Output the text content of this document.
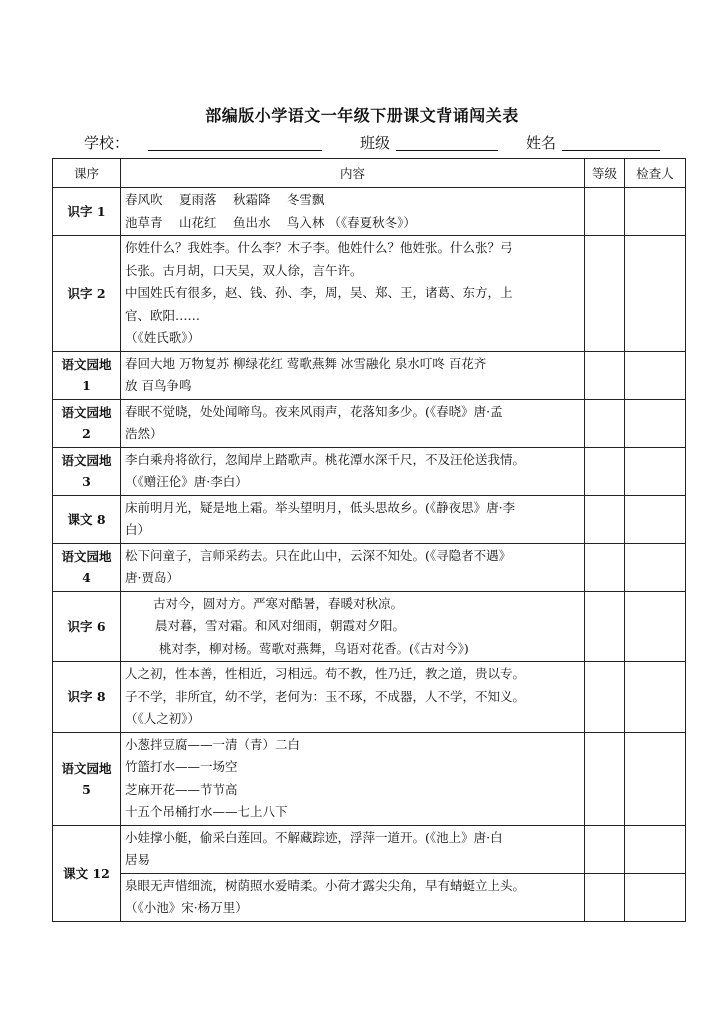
部编版小学语文一年级下册课文背诵闯关表
学校：	班级	姓名
课序	内容	等级	检查人
识字 1	春风吹　 夏雨落　 秋霜降　 冬雪飘
池草青　 山花红　 鱼出水　 鸟入林 （《春夏秋冬》）		

识字 2	你姓什么？我姓李。什么李？木子李。他姓什么？他姓张。什么张？弓
长张。古月胡，口天吴，双人徐，言午许。
中国姓氏有很多，赵、钱、孙、李，周，吴、郑、王，诸葛、东方，上
官、欧阳……
（《姓氏歌》）		

语文园地 1	春回大地 万物复苏 柳绿花红 莺歌燕舞 冰雪融化 泉水叮咚 百花齐
放 百鸟争鸣		

语文园地 2	春眠不觉晓，处处闻啼鸟。夜来风雨声，花落知多少。(《春晓》唐·孟
浩然）		

语文园地 3	李白乘舟将欲行，忽闻岸上踏歌声。桃花潭水深千尺，不及汪伦送我情。
（《赠汪伦》唐·李白）		

课文 8	床前明月光，疑是地上霜。举头望明月，低头思故乡。(《静夜思》唐·李
白）		

语文园地 4	松下问童子，言师采药去。只在此山中，云深不知处。(《寻隐者不遇》
唐·贾岛）		

识字 6	古对今，圆对方。严寒对酷暑，春暖对秋凉。
晨对暮，雪对霜。和风对细雨，朝霞对夕阳。
桃对李，柳对杨。莺歌对燕舞，鸟语对花香。(《古对今》)		

识字 8	人之初，性本善，性相近，习相远。苟不教，性乃迁，教之道，贵以专。
子不学，非所宜，幼不学，老何为：玉不琢，不成器，人不学，不知义。
（《人之初》）		

语文园地 5	小葱拌豆腐——一清（青）二白
竹篮打水——一场空
芝麻开花——节节高
十五个吊桶打水——七上八下		

课文 12	小娃撑小艇，偷采白莲回。不解藏踪迹，浮萍一道开。(《池上》唐·白
居易		

	泉眼无声惜细流，树荫照水爱晴柔。小荷才露尖尖角，早有蜻蜓立上头。
（《小池》宋·杨万里）		
